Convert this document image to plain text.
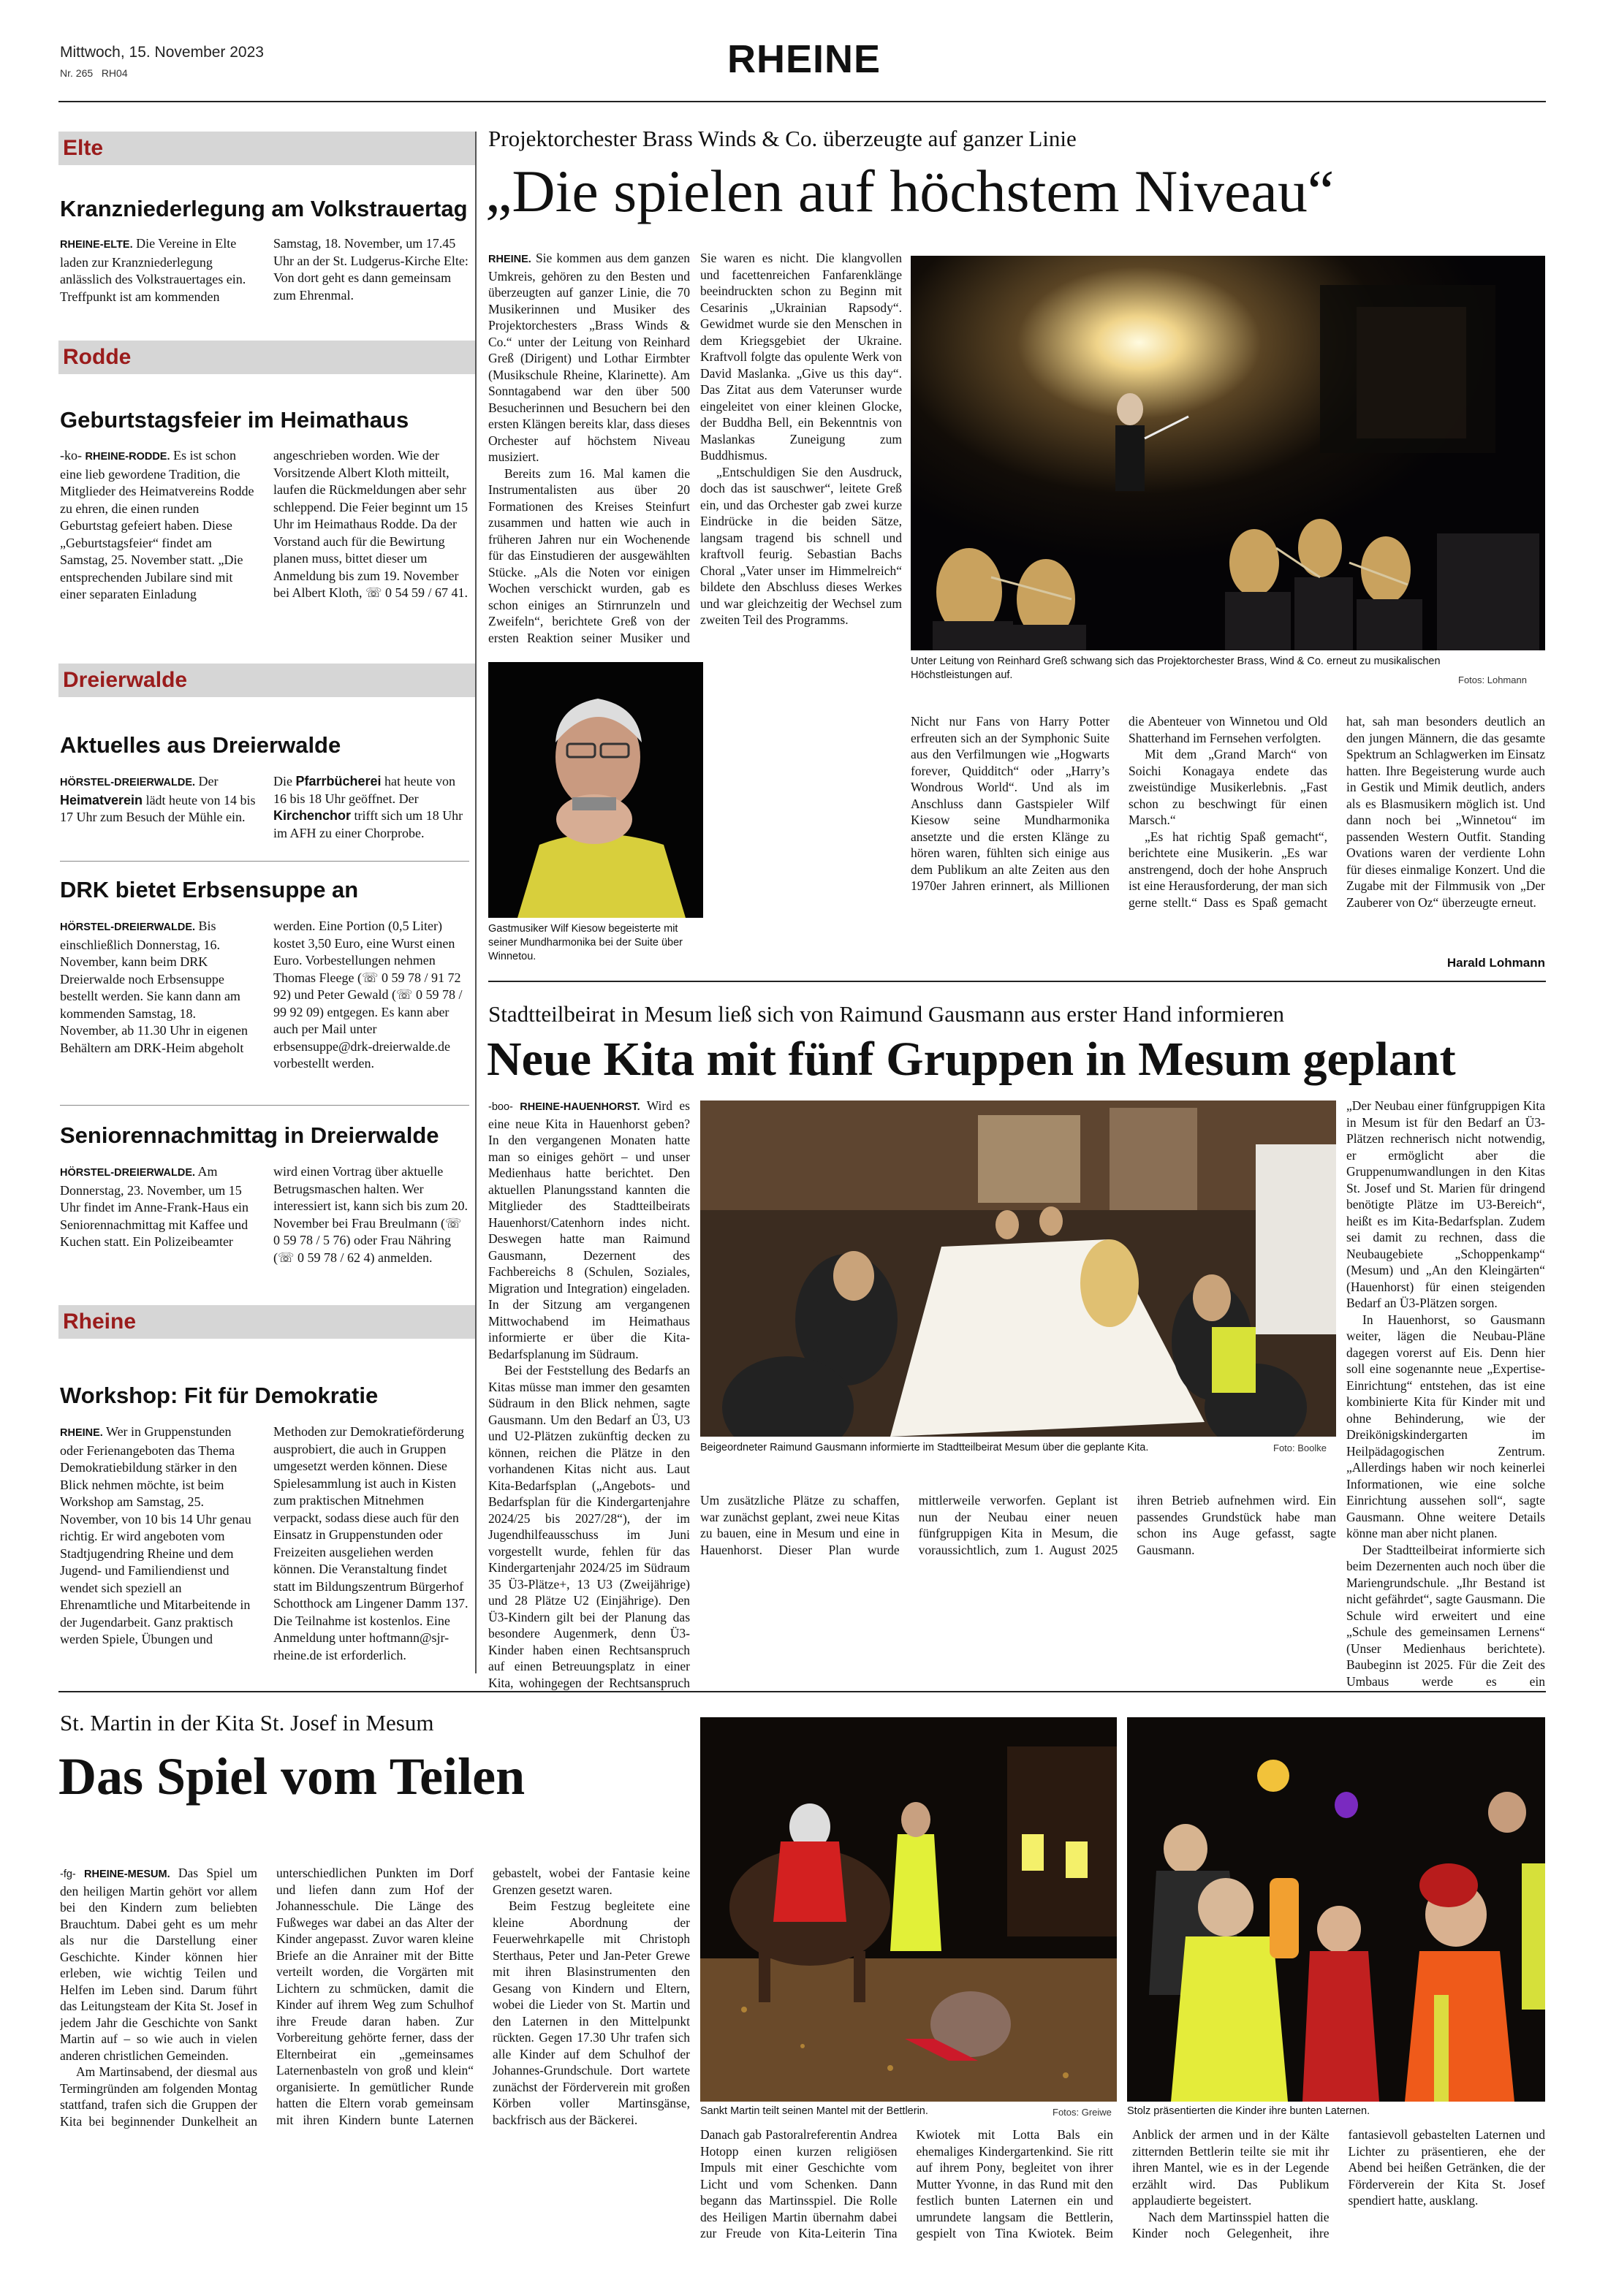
Mittwoch, 15. November 2023
Nr. 265 RH04	RHEINE
Elte
Kranzniederlegung am Volkstrauertag
RHEINE-ELTE. Die Vereine in Elte laden zur Kranzniederlegung anlässlich des Volkstrauertages ein. Treffpunkt ist am kommenden Samstag, 18. November, um 17.45 Uhr an der St. Ludgerus-Kirche Elte: Von dort geht es dann gemeinsam zum Ehrenmal.
Rodde
Geburtstagsfeier im Heimathaus
-ko- RHEINE-RODDE. Es ist schon eine lieb gewordene Tradition, die Mitglieder des Heimatvereins Rodde zu ehren, die einen runden Geburtstag gefeiert haben. Diese „Geburtstagsfeier“ findet am Samstag, 25. November statt. „Die entsprechenden Jubilare sind mit einer separaten Einladung angeschrieben worden. Wie der Vorsitzende Albert Kloth mitteilt, laufen die Rückmeldungen aber sehr schleppend. Die Feier beginnt um 15 Uhr im Heimathaus Rodde. Da der Vorstand auch für die Bewirtung planen muss, bittet dieser um Anmeldung bis zum 19. November bei Albert Kloth, ☏ 0 54 59 / 67 41.
Dreierwalde
Aktuelles aus Dreierwalde
HÖRSTEL-DREIERWALDE. Der Heimatverein lädt heute von 14 bis 17 Uhr zum Besuch der Mühle ein. Die Pfarrbücherei hat heute von 16 bis 18 Uhr geöffnet. Der Kirchenchor trifft sich um 18 Uhr im AFH zu einer Chorprobe.
DRK bietet Erbsensuppe an
HÖRSTEL-DREIERWALDE. Bis einschließlich Donnerstag, 16. November, kann beim DRK Dreierwalde noch Erbsensuppe bestellt werden. Sie kann dann am kommenden Samstag, 18. November, ab 11.30 Uhr in eigenen Behältern am DRK-Heim abgeholt werden. Eine Portion (0,5 Liter) kostet 3,50 Euro, eine Wurst einen Euro. Vorbestellungen nehmen Thomas Fleege (☏ 0 59 78 / 91 72 92) und Peter Gewald (☏ 0 59 78 / 99 92 09) entgegen. Es kann aber auch per Mail unter erbsensuppe@drk-dreierwalde.de vorbestellt werden.
Seniorennachmittag in Dreierwalde
HÖRSTEL-DREIERWALDE. Am Donnerstag, 23. November, um 15 Uhr findet im Anne-Frank-Haus ein Seniorennachmittag mit Kaffee und Kuchen statt. Ein Polizeibeamter wird einen Vortrag über aktuelle Betrugsmaschen halten. Wer interessiert ist, kann sich bis zum 20. November bei Frau Breulmann (☏ 0 59 78 / 5 76) oder Frau Nähring (☏ 0 59 78 / 62 4) anmelden.
Rheine
Workshop: Fit für Demokratie
RHEINE. Wer in Gruppenstunden oder Ferienangeboten das Thema Demokratiebildung stärker in den Blick nehmen möchte, ist beim Workshop am Samstag, 25. November, von 10 bis 14 Uhr genau richtig. Er wird angeboten vom Stadtjugendring Rheine und dem Jugend- und Familiendienst und wendet sich speziell an Ehrenamtliche und Mitarbeitende in der Jugendarbeit. Ganz praktisch werden Spiele, Übungen und Methoden zur Demokratieförderung ausprobiert, die auch in Gruppen umgesetzt werden können. Diese Spielesammlung ist auch in Kisten zum praktischen Mitnehmen verpackt, sodass diese auch für den Einsatz in Gruppenstunden oder Freizeiten ausgeliehen werden können. Die Veranstaltung findet statt im Bildungszentrum Bürgerhof Schotthock am Lingener Damm 137. Die Teilnahme ist kostenlos. Eine Anmeldung unter hoftmann@sjr-rheine.de ist erforderlich.
Projektorchester Brass Winds & Co. überzeugte auf ganzer Linie
„Die spielen auf höchstem Niveau“
Unter Leitung von Reinhard Greß schwang sich das Projektorchester Brass, Wind & Co. erneut zu musikalischen Höchstleistungen auf.	Fotos: Lohmann
Gastmusiker Wilf Kiesow begeisterte mit seiner Mundharmonika bei der Suite über Winnetou.

RHEINE. Sie kommen aus dem ganzen Umkreis, gehören zu den Besten und überzeugten auf ganzer Linie, die 70 Musikerinnen und Musiker des Projektorchesters „Brass Winds & Co.“ unter der Leitung von Reinhard Greß (Dirigent) und Lothar Eirmbter (Musikschule Rheine, Klarinette). Am Sonntagabend war den über 500 Besucherinnen und Besuchern bei den ersten Klängen bereits klar, dass dieses Orchester auf höchstem Niveau musiziert.

Bereits zum 16. Mal kamen die Instrumentalisten aus über 20 Formationen des Kreises Steinfurt zusammen und hatten wie auch in früheren Jahren nur ein Wochenende für das Einstudieren der ausgewählten Stücke. „Als die Noten vor einigen Wochen verschickt wurden, gab es schon einiges an Stirnrunzeln und Zweifeln“, berichtete Greß von der ersten Reaktion seiner Musiker und

Sie waren es nicht. Die klangvollen und facettenreichen Fanfarenklänge beeindruckten schon zu Beginn mit Cesarinis „Ukrainian Rapsody“. Gewidmet wurde sie den Menschen in dem Kriegsgebiet der Ukraine. Kraftvoll folgte das opulente Werk von David Maslanka. „Give us this day“. Das Zitat aus dem Vaterunser wurde eingeleitet von einer kleinen Glocke, der Buddha Bell, ein Bekenntnis von Maslankas Zuneigung zum Buddhismus.

„Entschuldigen Sie den Ausdruck, doch das ist sauschwer“, leitete Greß ein, und das Orchester gab zwei kurze Eindrücke in die beiden Sätze, langsam tragend bis schnell und kraftvoll feurig. Sebastian Bachs Choral „Vater unser im Himmelreich“ bildete den Abschluss dieses Werkes und war gleichzeitig der Wechsel zum zweiten Teil des Programms.

Nicht nur Fans von Harry Potter erfreuten sich an der Symphonic Suite aus den Verfilmungen wie „Hogwarts forever, Quidditch“ oder „Harry’s Wondrous World“. Und als im Anschluss dann Gastspieler Wilf Kiesow seine Mundharmonika ansetzte und die ersten Klänge zu hören waren, fühlten sich einige aus dem Publikum an alte Zeiten aus den 1970er Jahren erinnert, als Millionen die Abenteuer von Winnetou und Old Shatterhand im Fernsehen verfolgten.

Mit dem „Grand March“ von Soichi Konagaya endete das zweistündige Musikerlebnis. „Fast schon zu beschwingt für einen Marsch.“

„Es hat richtig Spaß gemacht“, berichtete eine Musikerin. „Es war anstrengend, doch der hohe Anspruch ist eine Herausforderung, der man sich gerne stellt.“ Dass es Spaß gemacht hat, sah man besonders deutlich an den jungen Männern, die das gesamte Spektrum an Schlagwerken im Einsatz hatten. Ihre Begeisterung wurde auch in Gestik und Mimik deutlich, anders als es Blasmusikern möglich ist. Und dann noch bei „Winnetou“ im passenden Western Outfit. Standing Ovations waren der verdiente Lohn für dieses einmalige Konzert. Und die Zugabe mit der Filmmusik von „Der Zauberer von Oz“ überzeugte erneut.

Harald Lohmann
Stadtteilbeirat in Mesum ließ sich von Raimund Gausmann aus erster Hand informieren
Neue Kita mit fünf Gruppen in Mesum geplant
Beigeordneter Raimund Gausmann informierte im Stadtteilbeirat Mesum über die geplante Kita.	Foto: Boolke

-boo- RHEINE-HAUENHORST. Wird es eine neue Kita in Hauenhorst geben? In den vergangenen Monaten hatte man so einiges gehört – und unser Medienhaus hatte berichtet. Den aktuellen Planungsstand kannten die Mitglieder des Stadtteilbeirats Hauenhorst/Catenhorn indes nicht. Deswegen hatte man Raimund Gausmann, Dezernent des Fachbereichs 8 (Schulen, Soziales, Migration und Integration) eingeladen. In der Sitzung am vergangenen Mittwochabend im Heimathaus informierte er über die Kita-Bedarfsplanung im Südraum.

Bei der Feststellung des Bedarfs an Kitas müsse man immer den gesamten Südraum in den Blick nehmen, sagte Gausmann. Um den Bedarf an Ü3, U3 und U2-Plätzen zukünftig decken zu können, reichen die Plätze in den vorhandenen Kitas nicht aus. Laut Kita-Bedarfsplan („Angebots- und Bedarfsplan für die Kindergartenjahre 2024/25 bis 2027/28“), der im Jugendhilfeausschuss im Juni vorgestellt wurde, fehlen für das Kindergartenjahr 2024/25 im Südraum 35 Ü3-Plätze+, 13 U3 (Zweijährige) und 28 Plätze U2 (Einjährige). Den Ü3-Kindern gilt bei der Planung das besondere Augenmerk, denn Ü3-Kinder haben einen Rechtsanspruch auf einen Betreuungsplatz in einer Kita, wohingegen der Rechtsanspruch

Um zusätzliche Plätze zu schaffen, war zunächst geplant, zwei neue Kitas zu bauen, eine in Mesum und eine in Hauenhorst. Dieser Plan wurde mittlerweile verworfen. Geplant ist nun der Neubau einer neuen fünfgruppigen Kita in Mesum, die voraussichtlich, zum 1. August 2025 ihren Betrieb aufnehmen wird. Ein passendes Grundstück habe man schon ins Auge gefasst, sagte Gausmann.

„Der Neubau einer fünfgruppigen Kita in Mesum ist für den Bedarf an Ü3-Plätzen rechnerisch nicht notwendig, er ermöglicht aber die Gruppenumwandlungen in den Kitas St. Josef und St. Marien für dringend benötigte Plätze im U3-Bereich“, heißt es im Kita-Bedarfsplan. Zudem sei damit zu rechnen, dass die Neubaugebiete „Schoppenkamp“ (Mesum) und „An den Kleingärten“ (Hauenhorst) für einen steigenden Bedarf an Ü3-Plätzen sorgen.

In Hauenhorst, so Gausmann weiter, lägen die Neubau-Pläne dagegen vorerst auf Eis. Denn hier soll eine sogenannte neue „Expertise-Einrichtung“ entstehen, das ist eine kombinierte Kita für Kinder mit und ohne Behinderung, wie der Dreikönigskindergarten im Heilpädagogischen Zentrum. „Allerdings haben wir noch keinerlei Informationen, wie eine solche Einrichtung aussehen soll“, sagte Gausmann. Ohne weitere Details könne man aber nicht planen.

Der Stadtteilbeirat informierte sich beim Dezernenten auch noch über die Mariengrundschule. „Ihr Bestand ist nicht gefährdet“, sagte Gausmann. Die Schule wird erweitert und eine „Schule des gemeinsamen Lernens“ (Unser Medienhaus berichtete). Baubeginn ist 2025. Für die Zeit des Umbaus werde es ein

St. Martin in der Kita St. Josef in Mesum
Das Spiel vom Teilen
Sankt Martin teilt seinen Mantel mit der Bettlerin.	Fotos: Greiwe Stolz präsentierten die Kinder ihre bunten Laternen.

-fg- RHEINE-MESUM. Das Spiel um den heiligen Martin gehört vor allem bei den Kindern zum beliebten Brauchtum. Dabei geht es um mehr als nur die Darstellung einer Geschichte. Kinder können hier erleben, wie wichtig Teilen und Helfen im Leben sind. Darum führt das Leitungsteam der Kita St. Josef in jedem Jahr die Geschichte von Sankt Martin auf – so wie auch in vielen anderen christlichen Gemeinden.

Am Martinsabend, der diesmal aus Termingründen am folgenden Montag stattfand, trafen sich die Gruppen der Kita bei beginnender Dunkelheit an unterschiedlichen Punkten im Dorf und liefen dann zum Hof der Johannesschule. Die Länge des Fußweges war dabei an das Alter der Kinder angepasst. Zuvor waren kleine Briefe an die Anrainer mit der Bitte verteilt worden, die Vorgärten mit Lichtern zu schmücken, damit die Kinder auf ihrem Weg zum Schulhof ihre Freude daran haben. Zur Vorbereitung gehörte ferner, dass der Elternbeirat ein „gemeinsames Laternenbasteln von groß und klein“ organisierte. In gemütlicher Runde hatten die Eltern vorab gemeinsam mit ihren Kindern bunte Laternen gebastelt, wobei der Fantasie keine Grenzen gesetzt waren.

Beim Festzug begleitete eine kleine Abordnung der Feuerwehrkapelle mit Christoph Sterthaus, Peter und Jan-Peter Grewe mit ihren Blasinstrumenten den Gesang von Kindern und Eltern, wobei die Lieder von St. Martin und den Laternen in den Mittelpunkt rückten. Gegen 17.30 Uhr trafen sich alle Kinder auf dem Schulhof der Johannes-Grundschule. Dort wartete zunächst der Förderverein mit großen Körben voller Martinsgänse, backfrisch aus der Bäckerei.

Danach gab Pastoralreferentin Andrea Hotopp einen kurzen religiösen Impuls mit einer Geschichte vom Licht und vom Schenken. Dann begann das Martinsspiel. Die Rolle des Heiligen Martin übernahm dabei zur Freude von Kita-Leiterin Tina Kwiotek mit Lotta Bals ein ehemaliges Kindergartenkind. Sie ritt auf ihrem Pony, begleitet von ihrer Mutter Yvonne, in das Rund mit den festlich bunten Laternen ein und umrundete langsam die Bettlerin, gespielt von Tina Kwiotek. Beim Anblick der armen und in der Kälte zitternden Bettlerin teilte sie mit ihr ihren Mantel, wie es in der Legende erzählt wird. Das Publikum applaudierte begeistert.

Nach dem Martinsspiel hatten die Kinder noch Gelegenheit, ihre fantasievoll gebastelten Laternen und Lichter zu präsentieren, ehe der Abend bei heißen Getränken, die der Förderverein der Kita St. Josef spendiert hatte, ausklang.
